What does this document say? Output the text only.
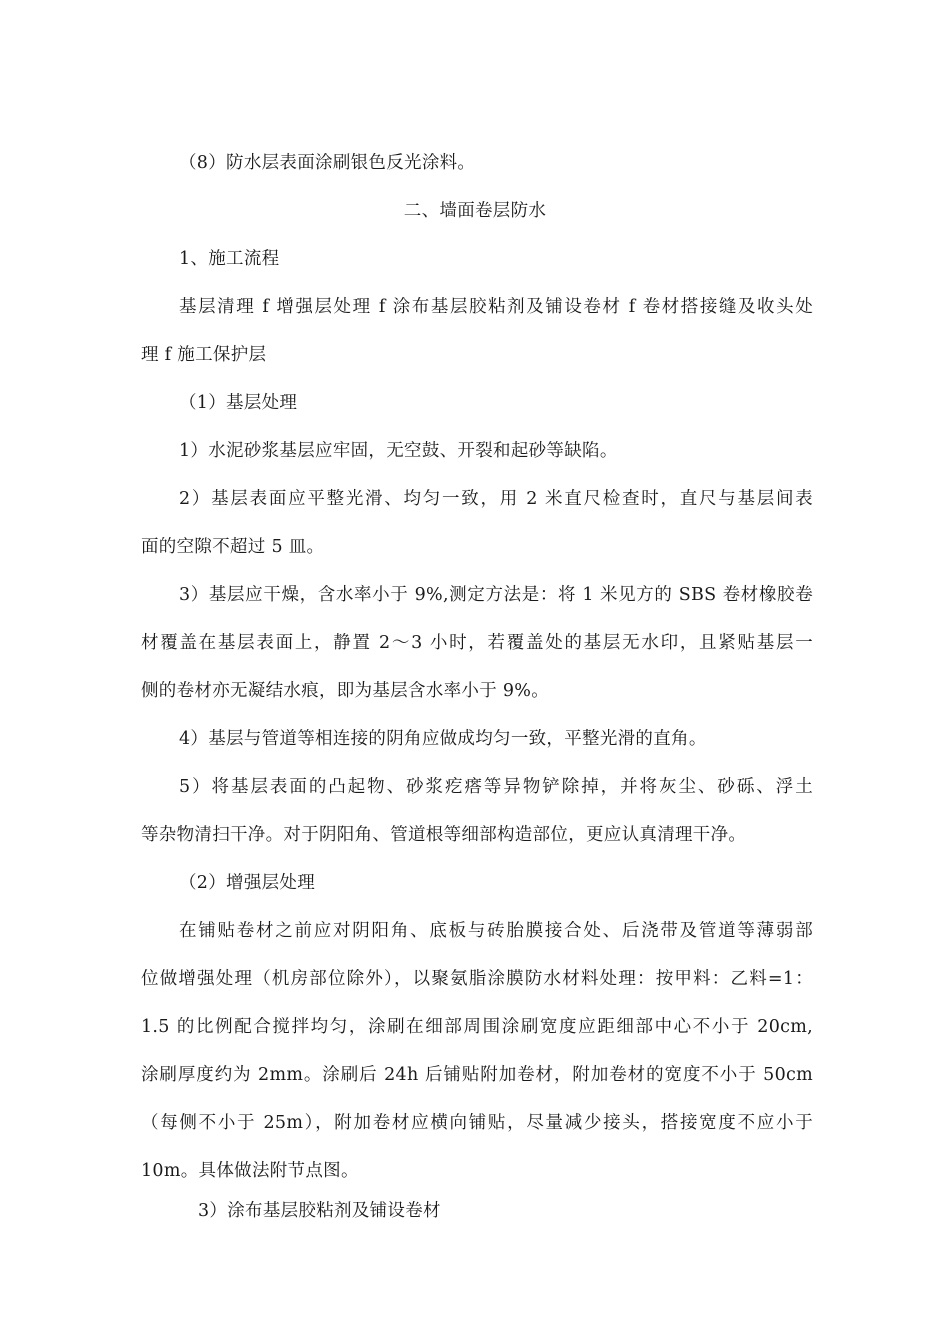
（8）防水层表面涂刷银色反光涂料。
二、墙面卷层防水
1、施工流程
基层清理 f 增强层处理 f 涂布基层胶粘剂及铺设卷材 f 卷材搭接缝及收头处
理 f 施工保护层
（1）基层处理
1）水泥砂浆基层应牢固，无空鼓、开裂和起砂等缺陷。
2）基层表面应平整光滑、均匀一致，用 2 米直尺检查时，直尺与基层间表
面的空隙不超过 5 皿。
3）基层应干燥，含水率小于 9%,测定方法是：将 1 米见方的 SBS 卷材橡胶卷
材覆盖在基层表面上，静置 2〜3 小时，若覆盖处的基层无水印，且紧贴基层一
侧的卷材亦无凝结水痕，即为基层含水率小于 9%。
4）基层与管道等相连接的阴角应做成均匀一致，平整光滑的直角。
5）将基层表面的凸起物、砂浆疙瘩等异物铲除掉，并将灰尘、砂砾、浮土
等杂物清扫干净。对于阴阳角、管道根等细部构造部位，更应认真清理干净。
（2）增强层处理
在铺贴卷材之前应对阴阳角、底板与砖胎膜接合处、后浇带及管道等薄弱部
位做增强处理（机房部位除外），以聚氨脂涂膜防水材料处理：按甲料：乙料=1：
1.5 的比例配合搅拌均匀，涂刷在细部周围涂刷宽度应距细部中心不小于 20cm,
涂刷厚度约为 2mm。涂刷后 24h 后铺贴附加卷材，附加卷材的宽度不小于 50cm
（每侧不小于 25m），附加卷材应横向铺贴，尽量减少接头，搭接宽度不应小于
10m。具体做法附节点图。
3）涂布基层胶粘剂及铺设卷材
